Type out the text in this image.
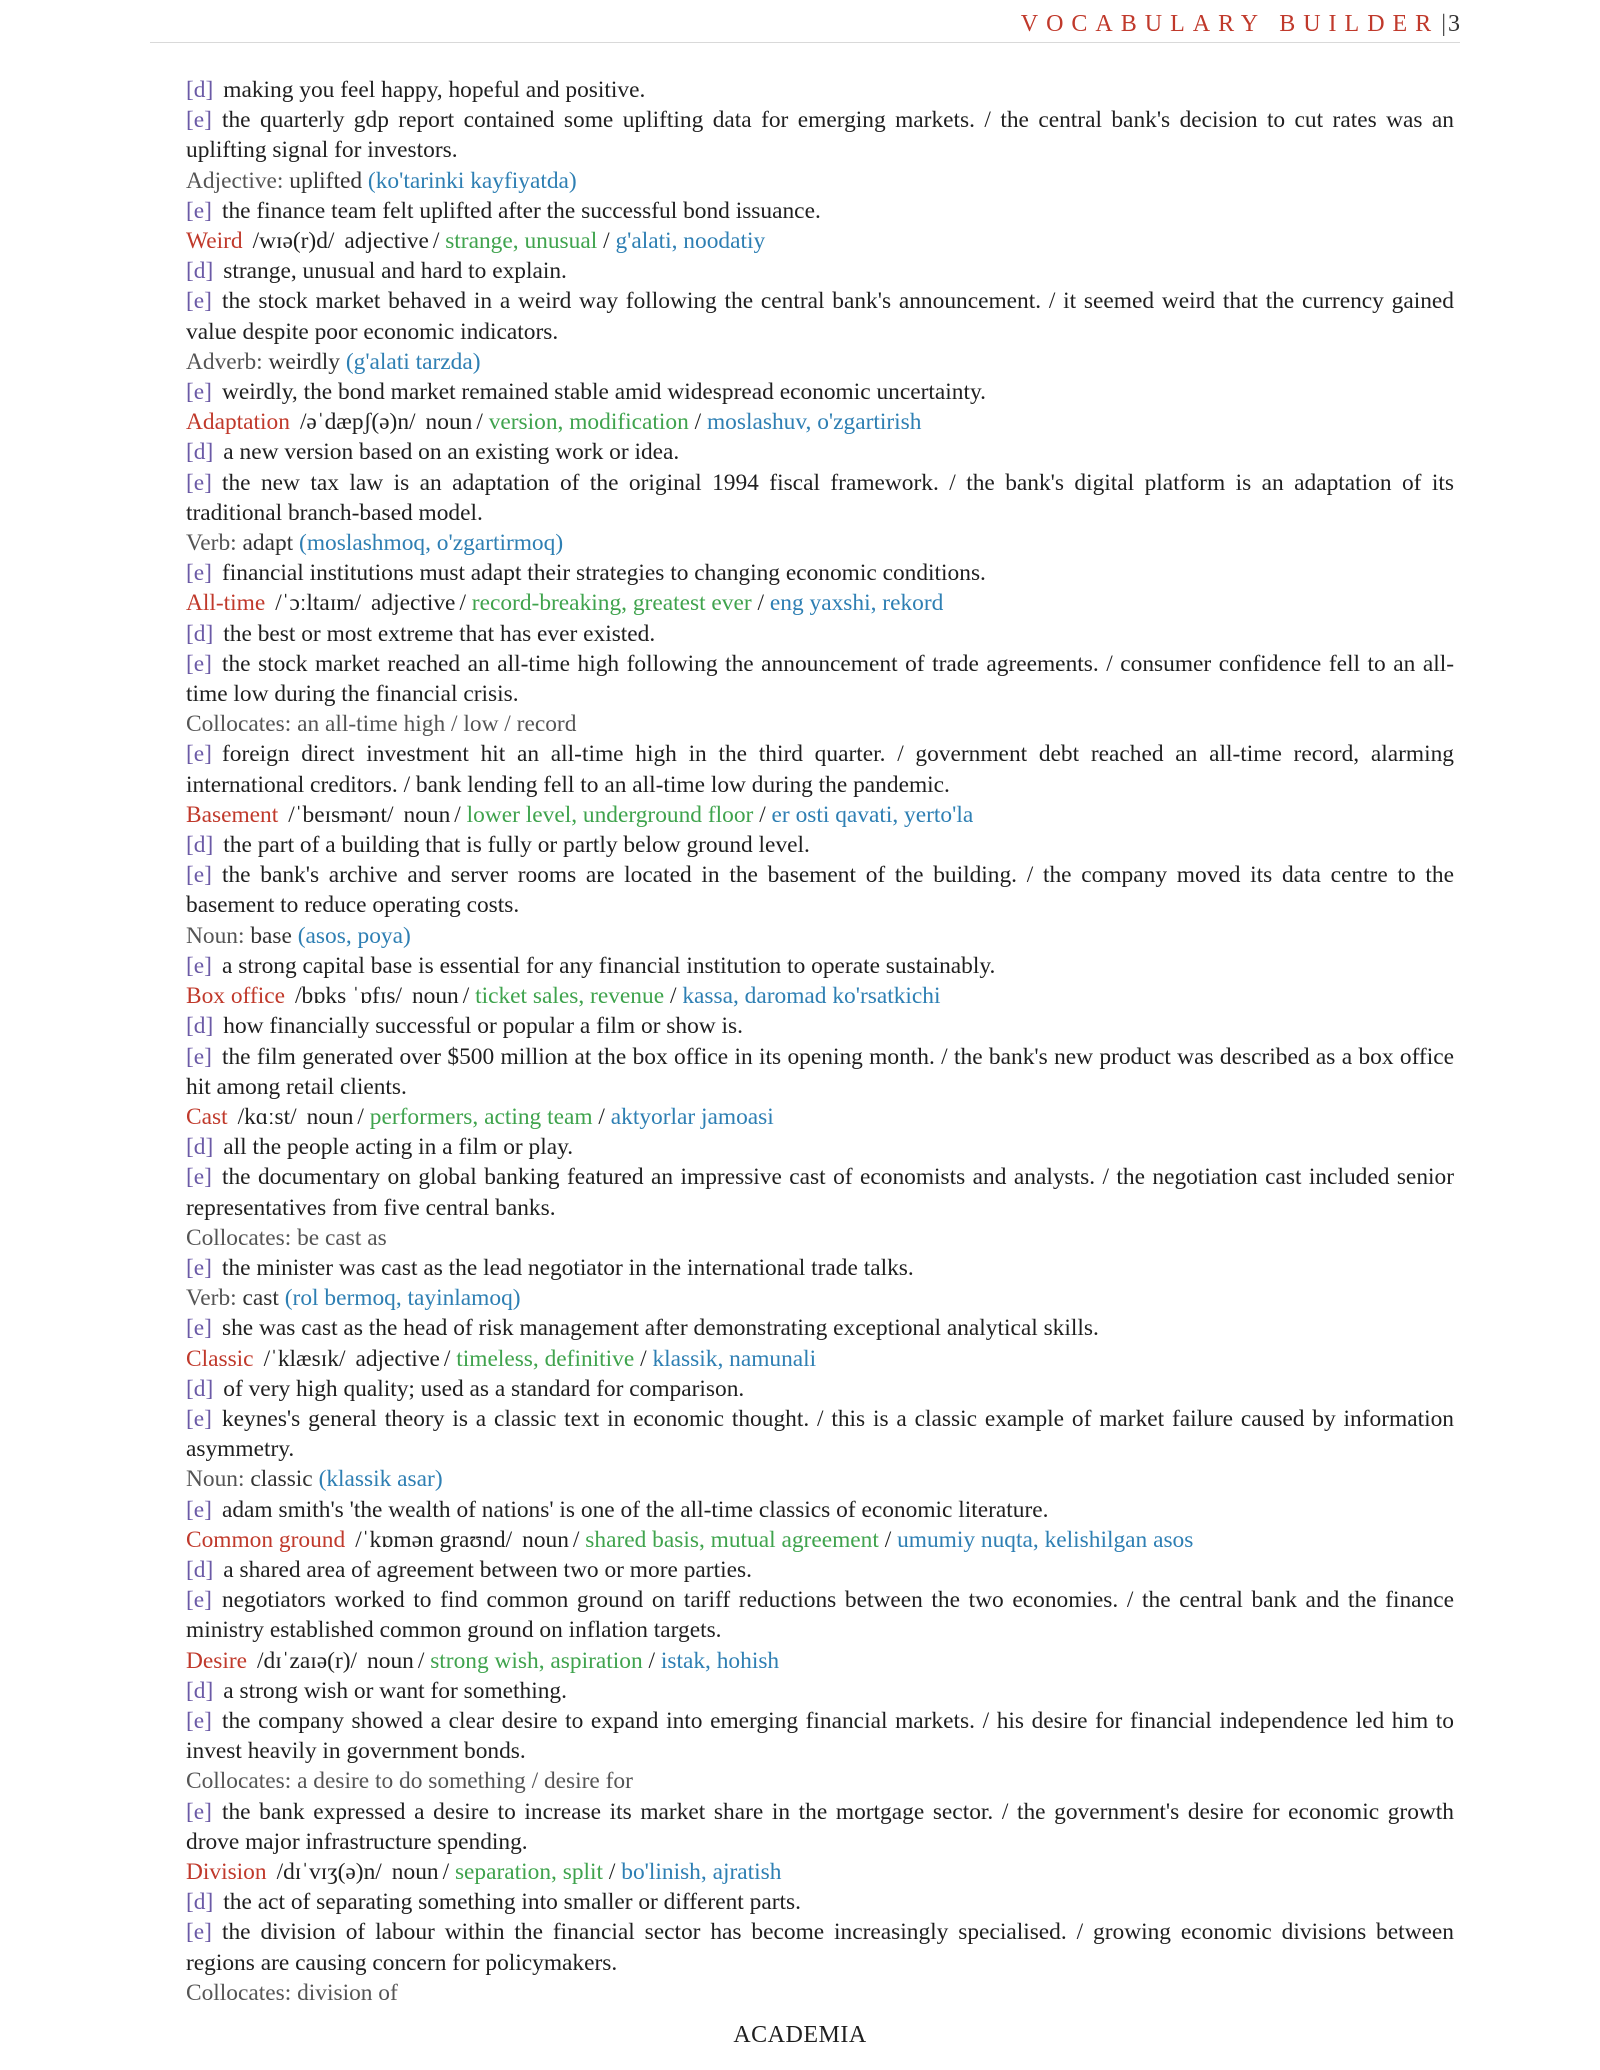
VOCABULARY BUILDER|3
[d] making you feel happy, hopeful and positive.
[e] the quarterly gdp report contained some uplifting data for emerging markets. / the central bank's decision to cut rates was an uplifting signal for investors.
Adjective: uplifted (ko'tarinki kayfiyatda)
[e] the finance team felt uplifted after the successful bond issuance.
Weird /wɪə(r)d/ adjective / strange, unusual / g'alati, noodatiy
[d] strange, unusual and hard to explain.
[e] the stock market behaved in a weird way following the central bank's announcement. / it seemed weird that the currency gained value despite poor economic indicators.
Adverb: weirdly (g'alati tarzda)
[e] weirdly, the bond market remained stable amid widespread economic uncertainty.
Adaptation /əˈdæpʃ(ə)n/ noun / version, modification / moslashuv, o'zgartirish
[d] a new version based on an existing work or idea.
[e] the new tax law is an adaptation of the original 1994 fiscal framework. / the bank's digital platform is an adaptation of its traditional branch-based model.
Verb: adapt (moslashmoq, o'zgartirmoq)
[e] financial institutions must adapt their strategies to changing economic conditions.
All-time /ˈɔːltaɪm/ adjective / record-breaking, greatest ever / eng yaxshi, rekord
[d] the best or most extreme that has ever existed.
[e] the stock market reached an all-time high following the announcement of trade agreements. / consumer confidence fell to an all-time low during the financial crisis.
Collocates: an all-time high / low / record
[e] foreign direct investment hit an all-time high in the third quarter. / government debt reached an all-time record, alarming international creditors. / bank lending fell to an all-time low during the pandemic.
Basement /ˈbeɪsmənt/ noun / lower level, underground floor / er osti qavati, yerto'la
[d] the part of a building that is fully or partly below ground level.
[e] the bank's archive and server rooms are located in the basement of the building. / the company moved its data centre to the basement to reduce operating costs.
Noun: base (asos, poya)
[e] a strong capital base is essential for any financial institution to operate sustainably.
Box office /bɒks ˈɒfɪs/ noun / ticket sales, revenue / kassa, daromad ko'rsatkichi
[d] how financially successful or popular a film or show is.
[e] the film generated over $500 million at the box office in its opening month. / the bank's new product was described as a box office hit among retail clients.
Cast /kɑːst/ noun / performers, acting team / aktyorlar jamoasi
[d] all the people acting in a film or play.
[e] the documentary on global banking featured an impressive cast of economists and analysts. / the negotiation cast included senior representatives from five central banks.
Collocates: be cast as
[e] the minister was cast as the lead negotiator in the international trade talks.
Verb: cast (rol bermoq, tayinlamoq)
[e] she was cast as the head of risk management after demonstrating exceptional analytical skills.
Classic /ˈklæsɪk/ adjective / timeless, definitive / klassik, namunali
[d] of very high quality; used as a standard for comparison.
[e] keynes's general theory is a classic text in economic thought. / this is a classic example of market failure caused by information asymmetry.
Noun: classic (klassik asar)
[e] adam smith's 'the wealth of nations' is one of the all-time classics of economic literature.
Common ground /ˈkɒmən graʊnd/ noun / shared basis, mutual agreement / umumiy nuqta, kelishilgan asos
[d] a shared area of agreement between two or more parties.
[e] negotiators worked to find common ground on tariff reductions between the two economies. / the central bank and the finance ministry established common ground on inflation targets.
Desire /dɪˈzaɪə(r)/ noun / strong wish, aspiration / istak, hohish
[d] a strong wish or want for something.
[e] the company showed a clear desire to expand into emerging financial markets. / his desire for financial independence led him to invest heavily in government bonds.
Collocates: a desire to do something / desire for
[e] the bank expressed a desire to increase its market share in the mortgage sector. / the government's desire for economic growth drove major infrastructure spending.
Division /dɪˈvɪʒ(ə)n/ noun / separation, split / bo'linish, ajratish
[d] the act of separating something into smaller or different parts.
[e] the division of labour within the financial sector has become increasingly specialised. / growing economic divisions between regions are causing concern for policymakers.
Collocates: division of
ACADEMIA
